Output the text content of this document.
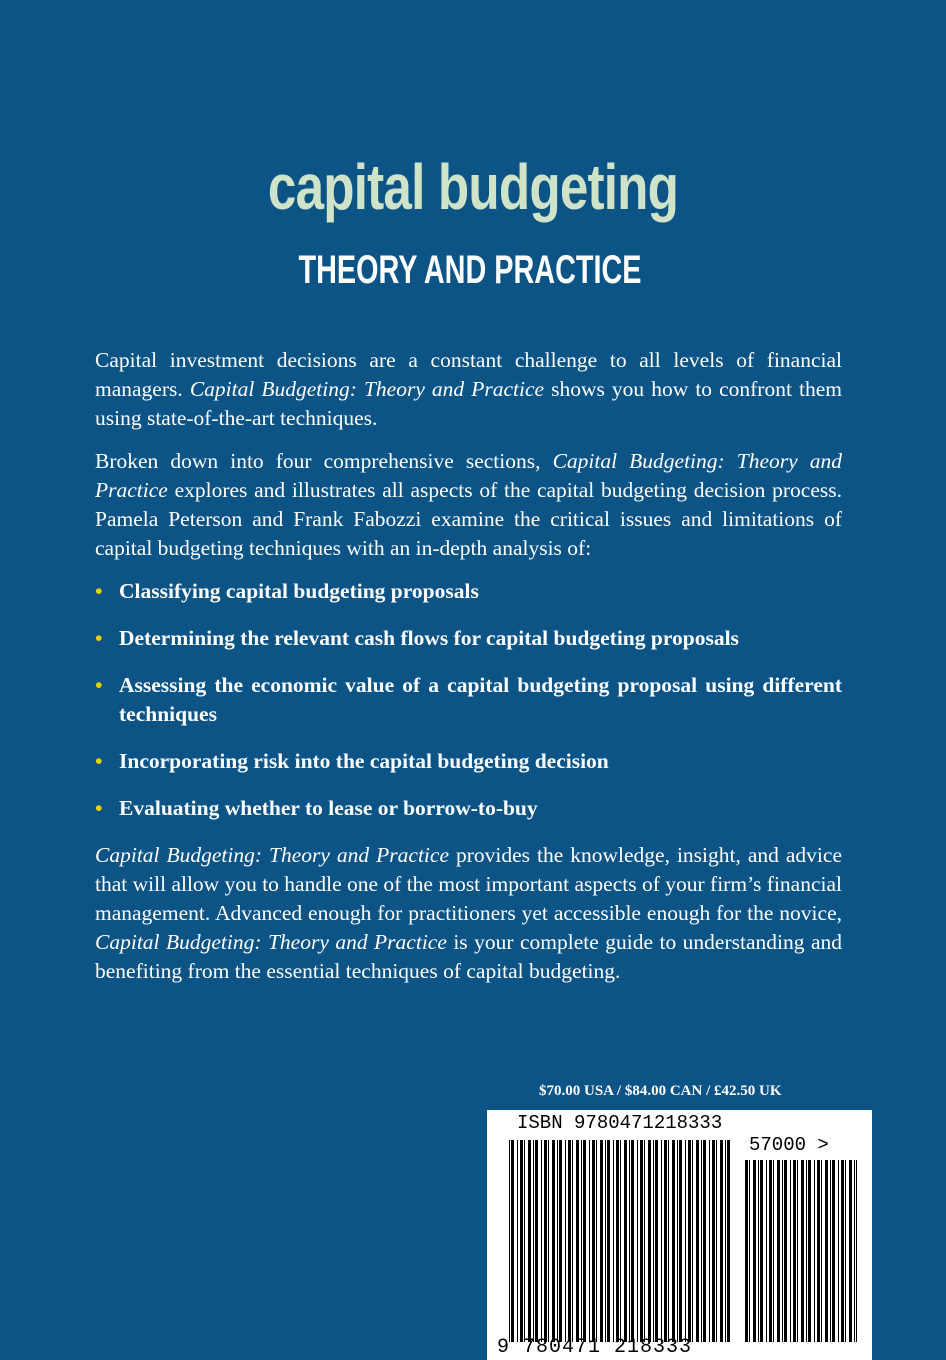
capital budgeting
THEORY AND PRACTICE

Capital investment decisions are a constant challenge to all levels of financial managers. Capital Budgeting: Theory and Practice shows you how to confront them using state-of-the-art techniques.

Broken down into four comprehensive sections, Capital Budgeting: Theory and Practice explores and illustrates all aspects of the capital budgeting decision process. Pamela Peterson and Frank Fabozzi examine the critical issues and limitations of capital budgeting techniques with an in-depth analysis of:

• Classifying capital budgeting proposals
• Determining the relevant cash flows for capital budgeting proposals
• Assessing the economic value of a capital budgeting proposal using different techniques
• Incorporating risk into the capital budgeting decision
• Evaluating whether to lease or borrow-to-buy

Capital Budgeting: Theory and Practice provides the knowledge, insight, and advice that will allow you to handle one of the most important aspects of your firm’s financial management. Advanced enough for practitioners yet accessible enough for the novice, Capital Budgeting: Theory and Practice is your complete guide to understanding and benefiting from the essential techniques of capital budgeting.

$70.00 USA / $84.00 CAN / £42.50 UK
ISBN 9780471218333
57000 >
9 780471 218333
